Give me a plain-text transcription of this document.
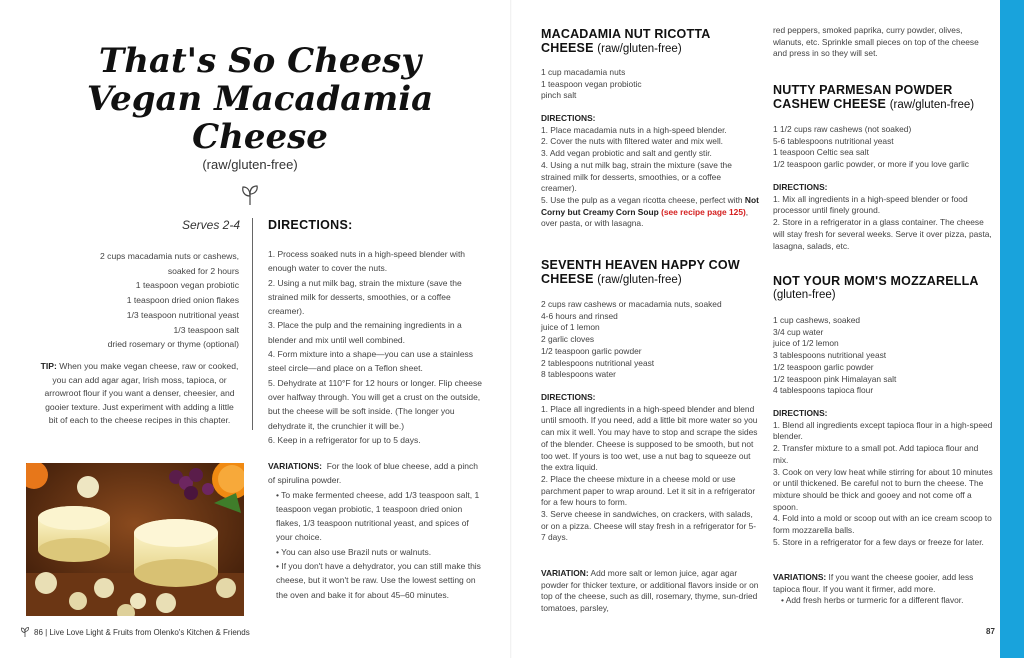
That's So Cheesy
Vegan Macadamia Cheese
(raw/gluten-free)
Serves 2-4
2 cups macadamia nuts or cashews,
soaked for 2 hours
1 teaspoon vegan probiotic
1 teaspoon dried onion flakes
1/3 teaspoon nutritional yeast
1/3 teaspoon salt
dried rosemary or thyme (optional)
TIP: When you make vegan cheese, raw or cooked, you can add agar agar, Irish moss, tapioca, or arrowroot flour if you want a denser, cheesier, and gooier texture. Just experiment with adding a little bit of each to the cheese recipes in this chapter.
DIRECTIONS:

1. Process soaked nuts in a high-speed blender with enough water to cover the nuts.

2. Using a nut milk bag, strain the mixture (save the strained milk for desserts, smoothies, or a coffee creamer).

3. Place the pulp and the remaining ingredients in a blender and mix until well combined.

4. Form mixture into a shape—you can use a stainless steel circle—and place on a Teflon sheet.

5. Dehydrate at 110°F for 12 hours or longer. Flip cheese over halfway through. You will get a crust on the outside, but the cheese will be soft inside. (The longer you dehydrate it, the crunchier it will be.)

6. Keep in a refrigerator for up to 5 days.

VARIATIONS: For the look of blue cheese, add a pinch of spirulina powder.

• To make fermented cheese, add 1/3 teaspoon salt, 1 teaspoon vegan probiotic, 1 teaspoon dried onion flakes, 1/3 teaspoon nutritional yeast, and spices of your choice.

• You can also use Brazil nuts or walnuts.

• If you don't have a dehydrator, you can still make this cheese, but it won't be raw. Use the lowest setting on the oven and bake it for about 45–60 minutes.

86 | Live Love Light & Fruits from Olenko's Kitchen & Friends
MACADAMIA NUT RICOTTA CHEESE (raw/gluten-free)

1 cup macadamia nuts

1 teaspoon vegan probiotic

pinch salt

DIRECTIONS:

1. Place macadamia nuts in a high-speed blender.

2. Cover the nuts with filtered water and mix well.

3. Add vegan probiotic and salt and gently stir.

4. Using a nut milk bag, strain the mixture (save the strained milk for desserts, smoothies, or a coffee creamer).

5. Use the pulp as a vegan ricotta cheese, perfect with Not Corny but Creamy Corn Soup (see recipe page 125), over pasta, or with lasagna.

SEVENTH HEAVEN HAPPY COW CHEESE (raw/gluten-free)

2 cups raw cashews or macadamia nuts, soaked

4-6 hours and rinsed

juice of 1 lemon

2 garlic cloves

1/2 teaspoon garlic powder

2 tablespoons nutritional yeast

8 tablespoons water

DIRECTIONS:

1. Place all ingredients in a high-speed blender and blend until smooth. If you need, add a little bit more water so you can mix it well. You may have to stop and scrape the sides of the blender. Cheese is supposed to be smooth, but not too wet. If yours is too wet, use a nut bag to squeeze out the extra liquid.

2. Place the cheese mixture in a cheese mold or use parchment paper to wrap around. Let it sit in a refrigerator for a few hours to form.

3. Serve cheese in sandwiches, on crackers, with salads, or on a pizza. Cheese will stay fresh in a refrigerator for 5-7 days.

VARIATION: Add more salt or lemon juice, agar agar powder for thicker texture, or additional flavors inside or on top of the cheese, such as dill, rosemary, thyme, sun-dried tomatoes, parsley,

red peppers, smoked paprika, curry powder, olives, wlanuts, etc. Sprinkle small pieces on top of the cheese and press in so they will set.

NUTTY PARMESAN POWDER CASHEW CHEESE (raw/gluten-free)

1 1/2 cups raw cashews (not soaked)

5-6 tablespoons nutritional yeast

1 teaspoon Celtic sea salt

1/2 teaspoon garlic powder, or more if you love garlic

DIRECTIONS:

1. Mix all ingredients in a high-speed blender or food processor until finely ground.

2. Store in a refrigerator in a glass container. The cheese will stay fresh for several weeks. Serve it over pizza, pasta, lasagna, salads, etc.

NOT YOUR MOM'S MOZZARELLA
(gluten-free)

1 cup cashews, soaked

3/4 cup water

juice of 1/2 lemon

3 tablespoons nutritional yeast

1/2 teaspoon garlic powder

1/2 teaspoon pink Himalayan salt

4 tablespoons tapioca flour

DIRECTIONS:

1. Blend all ingredients except tapioca flour in a high-speed blender.

2. Transfer mixture to a small pot. Add tapioca flour and mix.

3. Cook on very low heat while stirring for about 10 minutes or until thickened. Be careful not to burn the cheese. The mixture should be thick and gooey and not come off a spoon.

4. Fold into a mold or scoop out with an ice cream scoop to form mozzarella balls.

5. Store in a refrigerator for a few days or freeze for later.

VARIATIONS: If you want the cheese gooier, add less tapioca flour. If you want it firmer, add more.

• Add fresh herbs or turmeric for a different flavor.

87
